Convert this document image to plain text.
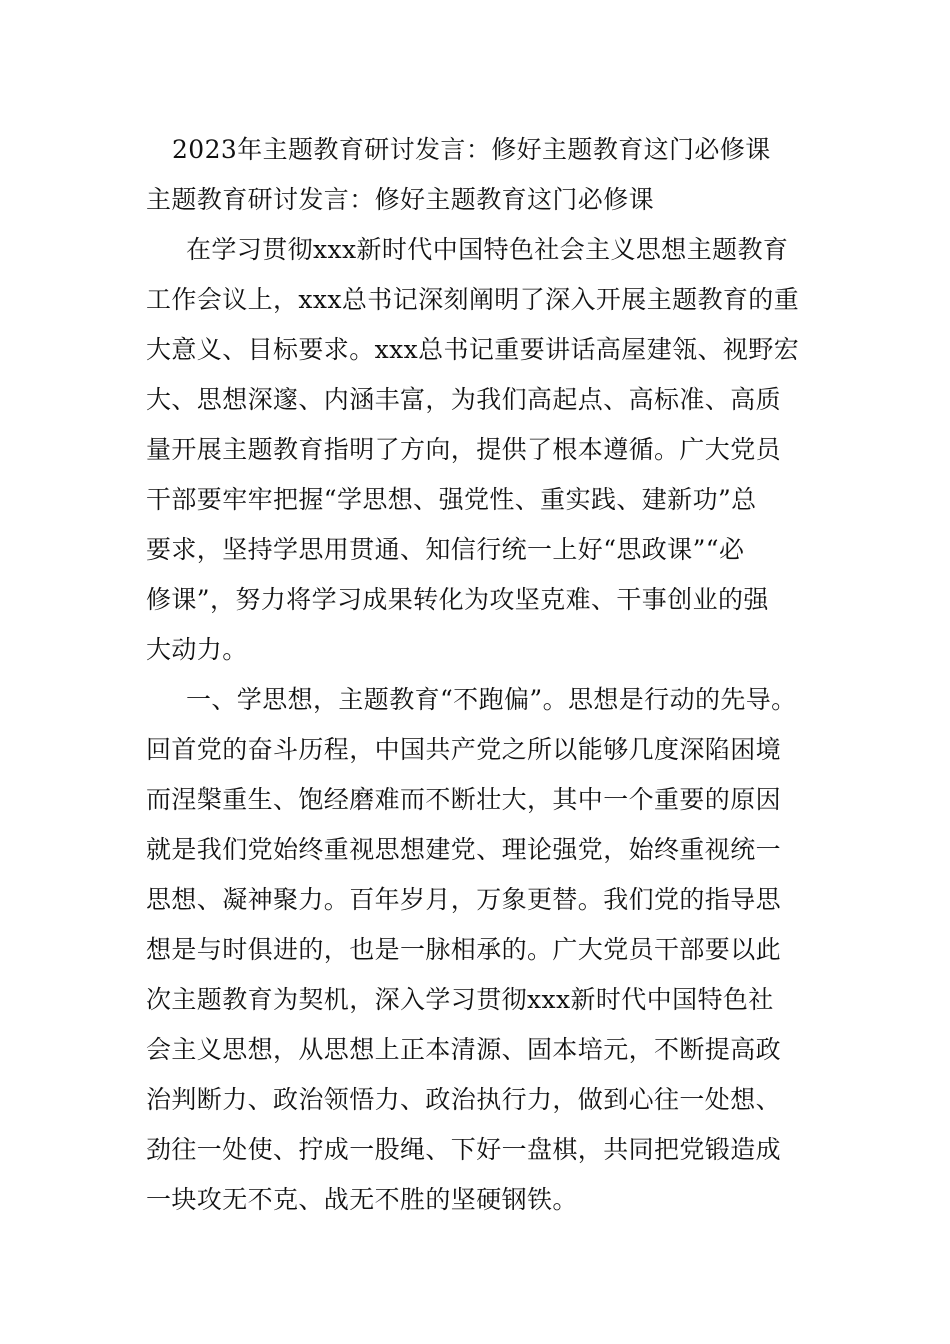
2023年主题教育研讨发言：修好主题教育这门必修课
主题教育研讨发言：修好主题教育这门必修课
在学习贯彻xxx新时代中国特色社会主义思想主题教育
工作会议上，xxx总书记深刻阐明了深入开展主题教育的重
大意义、目标要求。xxx总书记重要讲话高屋建瓴、视野宏
大、思想深邃、内涵丰富，为我们高起点、高标准、高质
量开展主题教育指明了方向，提供了根本遵循。广大党员
干部要牢牢把握“学思想、强党性、重实践、建新功”总
要求，坚持学思用贯通、知信行统一上好“思政课”“必
修课”，努力将学习成果转化为攻坚克难、干事创业的强
大动力。
一、学思想，主题教育“不跑偏”。思想是行动的先导。
回首党的奋斗历程，中国共产党之所以能够几度深陷困境
而涅槃重生、饱经磨难而不断壮大，其中一个重要的原因
就是我们党始终重视思想建党、理论强党，始终重视统一
思想、凝神聚力。百年岁月，万象更替。我们党的指导思
想是与时俱进的，也是一脉相承的。广大党员干部要以此
次主题教育为契机，深入学习贯彻xxx新时代中国特色社
会主义思想，从思想上正本清源、固本培元，不断提高政
治判断力、政治领悟力、政治执行力，做到心往一处想、
劲往一处使、拧成一股绳、下好一盘棋，共同把党锻造成
一块攻无不克、战无不胜的坚硬钢铁。
